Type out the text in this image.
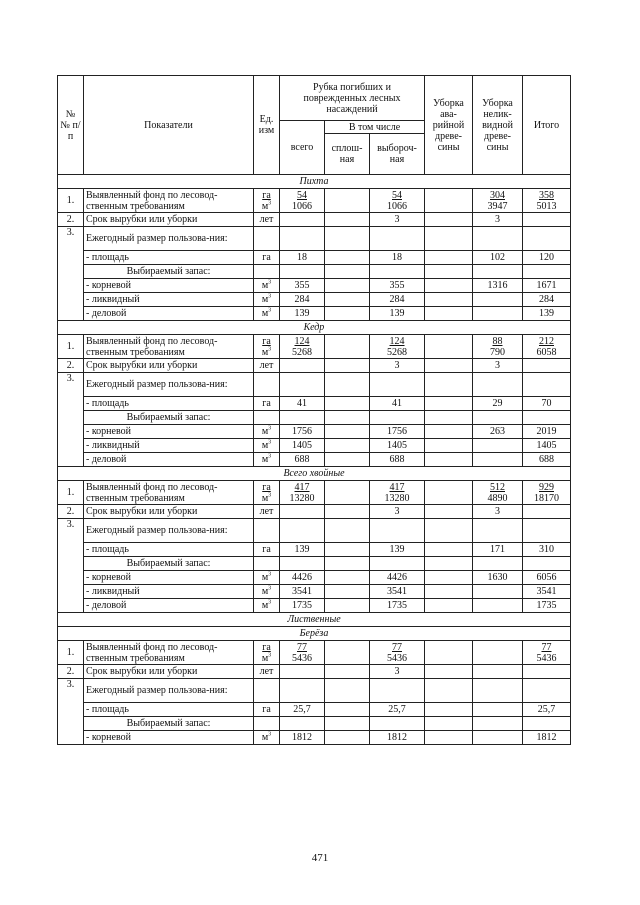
№ № п/п	Показатели	Ед. изм	Рубка погибших и поврежденных лесных насаждений			Уборка ава-рийной древе-сины	Уборка нелик-видной древе-сины	Итого
			всего	В том числе				
				сплош-ная	выбороч-ная			
Пихта								
1.	Выявленный фонд по лесовод-ственным требованиям	$\frac{га}{м^3}$	$\frac{54}{1066}$		$\frac{54}{1066}$		$\frac{304}{3947}$	$\frac{358}{5013}$

2.	Срок вырубки или уборки	лет			3		3	
3.	Ежегодный размер пользова-ния:							
	- площадь	га	18		18		102	120
	Выбираемый запас:							
	- корневой	$м^3$	355		355		1316	1671
	- ликвидный	$м^3$	284		284			284
	- деловой	$м^3$	139		139			139
Кедр								
1.	Выявленный фонд по лесовод-ственным требованиям	$\frac{га}{м^3}$	$\frac{124}{5268}$		$\frac{124}{5268}$		$\frac{88}{790}$	$\frac{212}{6058}$

2.	Срок вырубки или уборки	лет			3		3	
3.	Ежегодный размер пользова-ния:							
	- площадь	га	41		41		29	70
	Выбираемый запас:							
	- корневой	$м^3$	1756		1756		263	2019
	- ликвидный	$м^3$	1405		1405			1405
	- деловой	$м^3$	688		688			688
Всего хвойные								
1.	Выявленный фонд по лесовод-ственным требованиям	$\frac{га}{м^3}$	$\frac{417}{13280}$		$\frac{417}{13280}$		$\frac{512}{4890}$	$\frac{929}{18170}$

2.	Срок вырубки или уборки	лет			3		3	
3.	Ежегодный размер пользова-ния:							
	- площадь	га	139		139		171	310
	Выбираемый запас:							
	- корневой	$м^3$	4426		4426		1630	6056
	- ликвидный	$м^3$	3541		3541			3541
	- деловой	$м^3$	1735		1735			1735
Лиственные								
Берёза								
1.	Выявленный фонд по лесовод-ственным требованиям	$\frac{га}{м^3}$	$\frac{77}{5436}$		$\frac{77}{5436}$			$\frac{77}{5436}$

2.	Срок вырубки или уборки	лет			3			
3.	Ежегодный размер пользова-ния:							
	- площадь	га	25,7		25,7			25,7
	Выбираемый запас:							
	- корневой	$м^3$	1812		1812			1812
471
